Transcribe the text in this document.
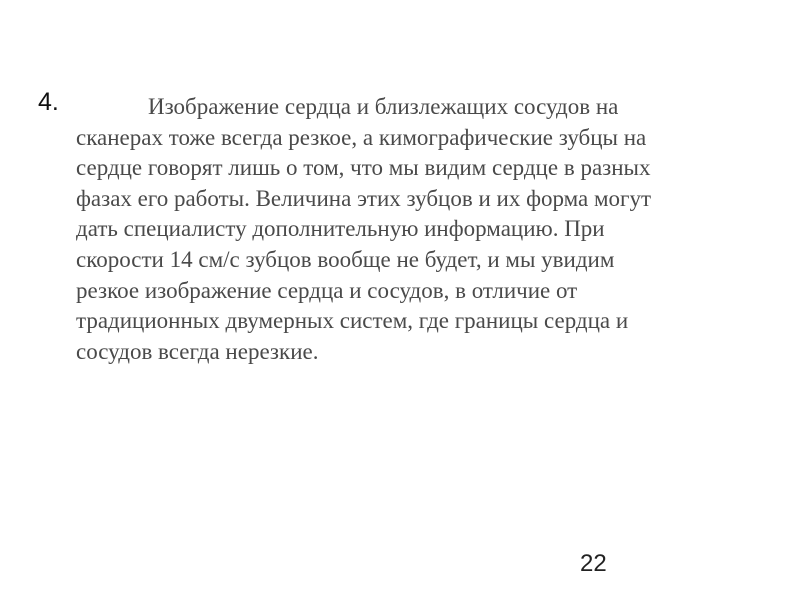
4.	Изображение сердца и близлежащих сосудов на
сканерах тоже всегда резкое, а кимографические зубцы на
сердце говорят лишь о том, что мы видим сердце в разных
фазах его работы. Величина этих зубцов и их форма могут
дать специалисту дополнительную информацию. При
скорости 14 см/с зубцов вообще не будет, и мы увидим
резкое изображение сердца и сосудов, в отличие от
традиционных двумерных систем, где границы сердца и
сосудов всегда нерезкие.
22
